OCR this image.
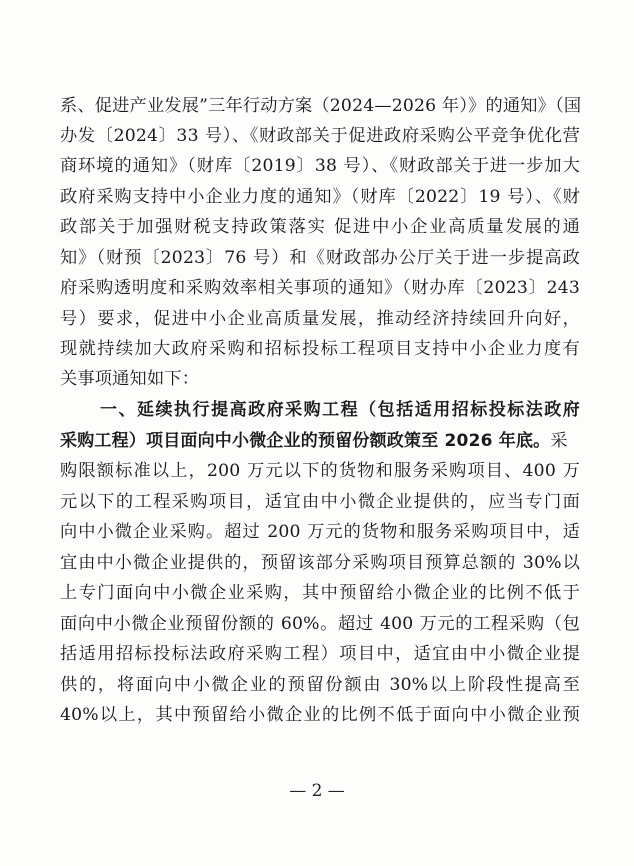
系、促进产业发展”三年行动方案（2024—2026 年）》的通知》（国
办发〔2024〕33 号）、《财政部关于促进政府采购公平竞争优化营
商环境的通知》（财库〔2019〕38 号）、《财政部关于进一步加大
政府采购支持中小企业力度的通知》（财库〔2022〕19 号）、《财
政部关于加强财税支持政策落实 促进中小企业高质量发展的通
知》（财预〔2023〕76 号）和《财政部办公厅关于进一步提高政
府采购透明度和采购效率相关事项的通知》（财办库〔2023〕243
号）要求，促进中小企业高质量发展，推动经济持续回升向好，
现就持续加大政府采购和招标投标工程项目支持中小企业力度有
关事项通知如下：
一、延续执行提高政府采购工程（包括适用招标投标法政府
采购工程）项目面向中小微企业的预留份额政策至 2026 年底。采
购限额标准以上，200 万元以下的货物和服务采购项目、400 万
元以下的工程采购项目，适宜由中小微企业提供的，应当专门面
向中小微企业采购。超过 200 万元的货物和服务采购项目中，适
宜由中小微企业提供的，预留该部分采购项目预算总额的 30%以
上专门面向中小微企业采购，其中预留给小微企业的比例不低于
面向中小微企业预留份额的 60%。超过 400 万元的工程采购（包
括适用招标投标法政府采购工程）项目中，适宜由中小微企业提
供的，将面向中小微企业的预留份额由 30%以上阶段性提高至
40%以上，其中预留给小微企业的比例不低于面向中小微企业预
— 2 —
